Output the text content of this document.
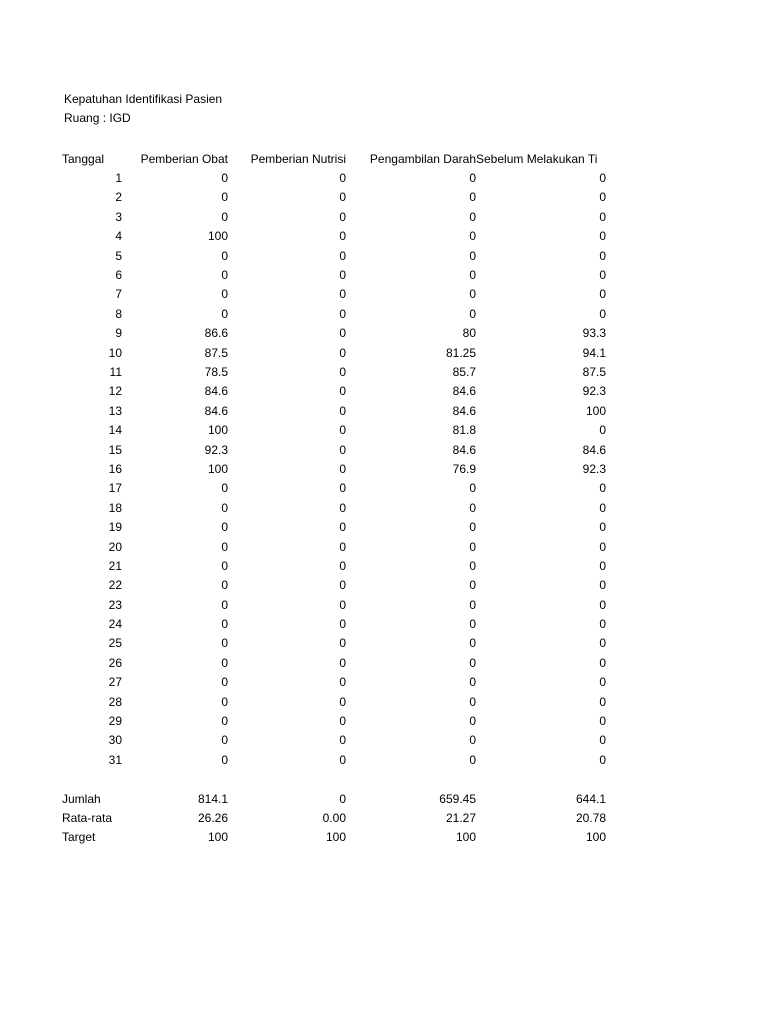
Kepatuhan Identifikasi Pasien
Ruang : IGD
Tanggal	Pemberian Obat	Pemberian Nutrisi	Pengambilan Darah	Sebelum Melakukan Ti

1	0	0	0	0
2	0	0	0	0
3	0	0	0	0
4	100	0	0	0
5	0	0	0	0
6	0	0	0	0
7	0	0	0	0
8	0	0	0	0
9	86.6	0	80	93.3
10	87.5	0	81.25	94.1
11	78.5	0	85.7	87.5
12	84.6	0	84.6	92.3
13	84.6	0	84.6	100
14	100	0	81.8	0
15	92.3	0	84.6	84.6
16	100	0	76.9	92.3
17	0	0	0	0
18	0	0	0	0
19	0	0	0	0
20	0	0	0	0
21	0	0	0	0
22	0	0	0	0
23	0	0	0	0
24	0	0	0	0
25	0	0	0	0
26	0	0	0	0
27	0	0	0	0
28	0	0	0	0
29	0	0	0	0
30	0	0	0	0
31	0	0	0	0

Jumlah	814.1	0	659.45	644.1
Rata-rata	26.26	0.00	21.27	20.78
Target	100	100	100	100
